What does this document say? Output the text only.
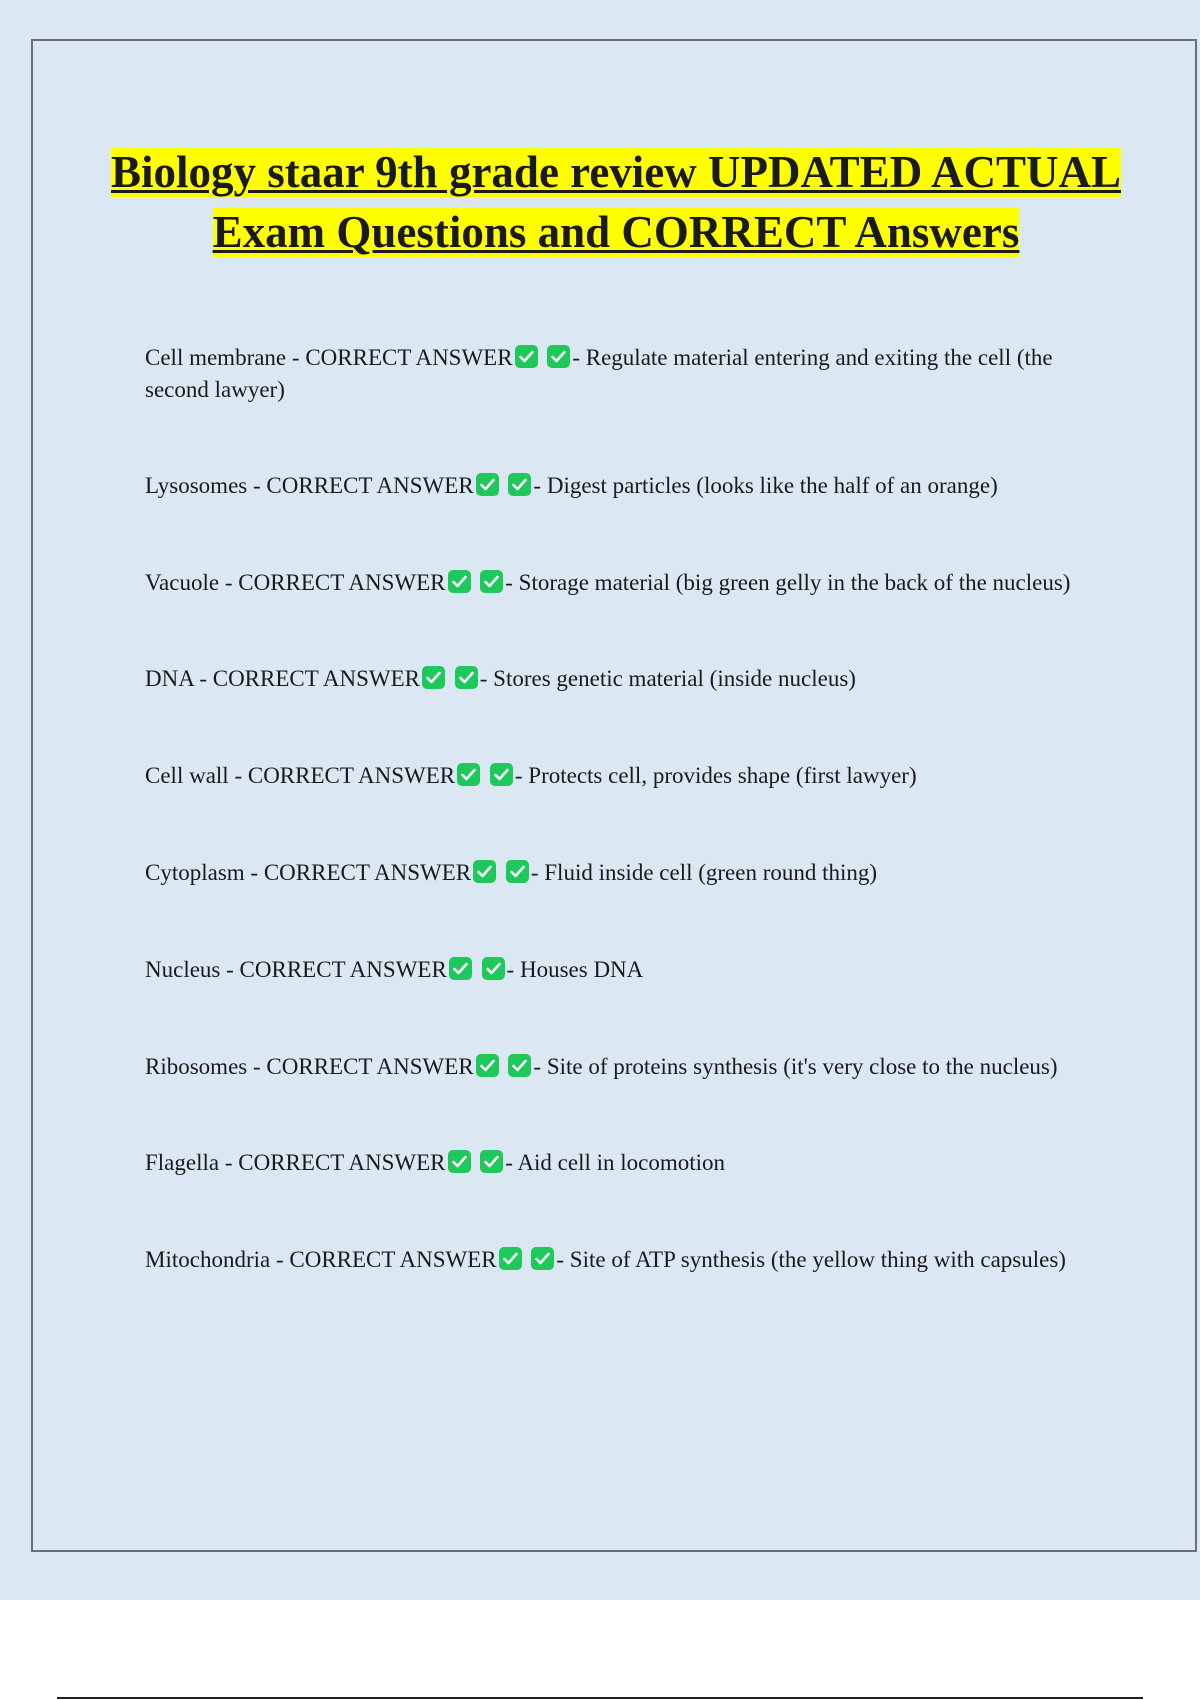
Biology staar 9th grade review UPDATED ACTUAL Exam Questions and CORRECT Answers
Cell membrane - CORRECT ANSWER
	- Regulate material entering and exiting the cell (the second lawyer)
Lysosomes - CORRECT ANSWER
	- Digest particles (looks like the half of an orange)
Vacuole - CORRECT ANSWER
	- Storage material (big green gelly in the back of the nucleus)
DNA - CORRECT ANSWER
	- Stores genetic material (inside nucleus)
Cell wall - CORRECT ANSWER
	- Protects cell, provides shape (first lawyer)
Cytoplasm - CORRECT ANSWER
	- Fluid inside cell (green round thing)
Nucleus - CORRECT ANSWER
	- Houses DNA
Ribosomes - CORRECT ANSWER
	- Site of proteins synthesis (it's very close to the nucleus)
Flagella - CORRECT ANSWER
	- Aid cell in locomotion
Mitochondria - CORRECT ANSWER
	- Site of ATP synthesis (the yellow thing with capsules)
